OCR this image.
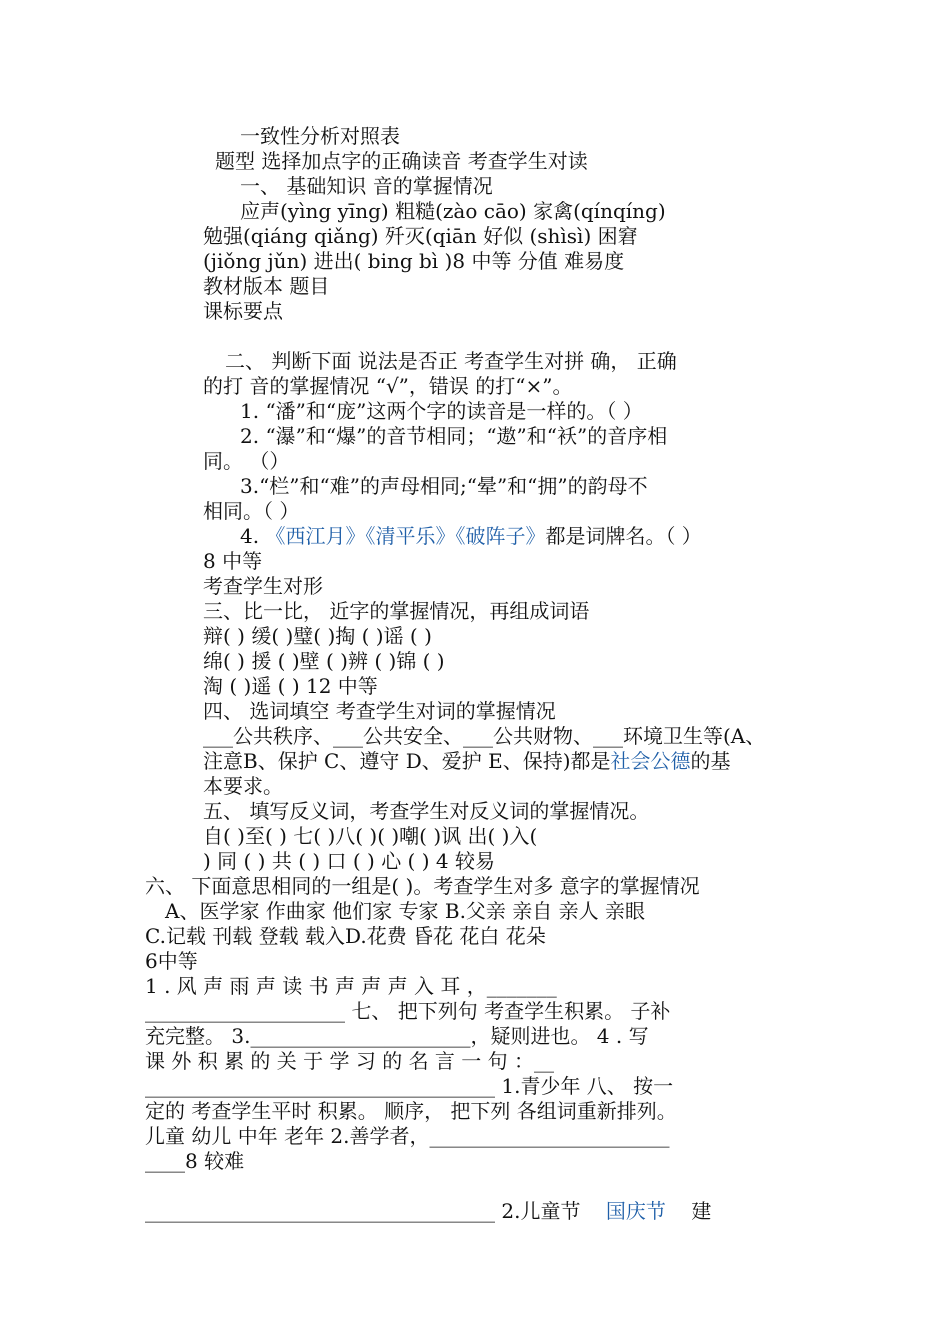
一致性分析对照表
题型 选择加点字的正确读音 考查学生对读
一、 基础知识 音的掌握情况
应声(yìng yīng) 粗糙(zào cāo) 家禽(qínqíng)
勉强(qiáng qiǎng) 歼灭(qiān 好似 (shìsì) 困窘
(jiǒng jǔn) 进出( bing bì )8 中等 分值 难易度
教材版本 题目
课标要点
二、 判断下面 说法是否正 考查学生对拼 确， 正确
的打 音的掌握情况 “√”，错误 的打“×”。
1. “潘”和“庞”这两个字的读音是一样的。（ ）
2. “瀑”和“爆”的音节相同；“遨”和“袄”的音序相
同。 （）
3.“栏”和“难”的声母相同;“晕”和“拥”的韵母不
相同。（ ）
4. 《西江月》《清平乐》《破阵子》都是词牌名。（ ）
8 中等
考查学生对形
三、比一比， 近字的掌握情况，再组成词语
辩( ) 缓( )璧( )掏 ( )谣 ( )
绵( ) 援 ( )壁 ( )辨 ( )锦 ( )
淘 ( )遥 ( ) 12 中等
四、 选词填空 考查学生对词的掌握情况
___公共秩序、___公共安全、___公共财物、___环境卫生等(A、
注意B、保护 C、遵守 D、爱护 E、保持)都是社会公德的基
本要求。
五、 填写反义词，考查学生对反义词的掌握情况。
自( )至( ) 七( )八( )( )嘲( )讽 出( )入(
) 同 ( ) 共 ( ) 口 ( ) 心 ( ) 4 较易
六、 下面意思相同的一组是( )。考查学生对多 意字的掌握情况
A、医学家 作曲家 他们家 专家 B.父亲 亲自 亲人 亲眼
C.记载 刊载 登载 载入D.花费 昏花 花白 花朵
6中等
1 . 风 声 雨 声 读 书 声 声 声 入 耳 ，_______
____________________ 七、 把下列句 考查学生积累。 子补
充完整。 3.______________________，疑则进也。 4 . 写
课 外 积 累 的 关 于 学 习 的 名 言 一 句 ：__
___________________________________ 1.青少年 八、 按一
定的 考查学生平时 积累。 顺序， 把下列 各组词重新排列。
儿童 幼儿 中年 老年 2.善学者，________________________
____8 较难
___________________________________ 2.儿童节 国庆节 建
